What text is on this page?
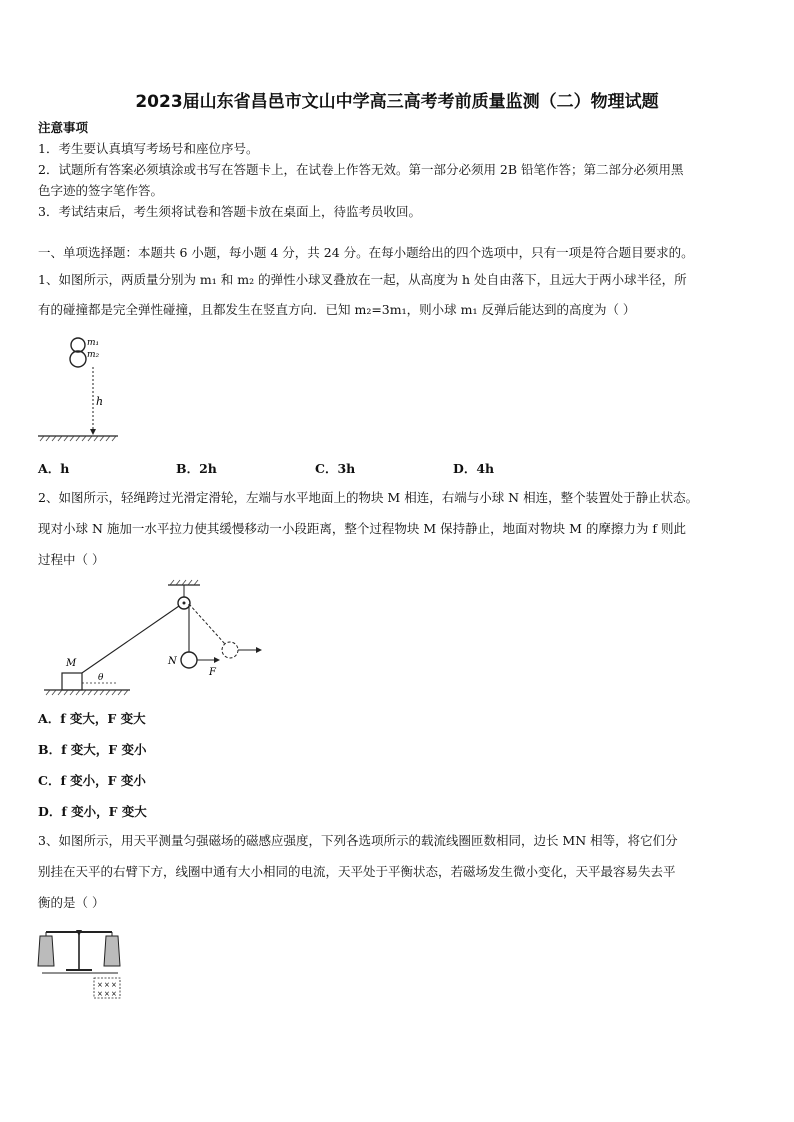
2023届山东省昌邑市文山中学高三高考考前质量监测（二）物理试题
注意事项
1．考生要认真填写考场号和座位序号。
2．试题所有答案必须填涂或书写在答题卡上，在试卷上作答无效。第一部分必须用 2B 铅笔作答；第二部分必须用黑
色字迹的签字笔作答。
3．考试结束后，考生须将试卷和答题卡放在桌面上，待监考员收回。
一、单项选择题：本题共 6 小题，每小题 4 分，共 24 分。在每小题给出的四个选项中，只有一项是符合题目要求的。
1、如图所示，两质量分别为 m₁ 和 m₂ 的弹性小球叉叠放在一起，从高度为 h 处自由落下，且远大于两小球半径，所
有的碰撞都是完全弹性碰撞，且都发生在竖直方向．已知 m₂=3m₁，则小球 m₁ 反弹后能达到的高度为（ ）
m₁
m₂
h
A．h	B．2h	C．3h	D．4h
2、如图所示，轻绳跨过光滑定滑轮，左端与水平地面上的物块 M 相连，右端与小球 N 相连，整个装置处于静止状态。
现对小球 N 施加一水平拉力使其缓慢移动一小段距离，整个过程物块 M 保持静止，地面对物块 M 的摩擦力为 f 则此
过程中（ ）
N
F
M
θ
A．f 变大，F 变大
B．f 变大，F 变小
C．f 变小，F 变小
D．f 变小，F 变大
3、如图所示，用天平测量匀强磁场的磁感应强度，下列各选项所示的载流线圈匝数相同，边长 MN 相等，将它们分
别挂在天平的右臂下方，线圈中通有大小相同的电流，天平处于平衡状态，若磁场发生微小变化，天平最容易失去平
衡的是（ ）
× × ×
× × ×
